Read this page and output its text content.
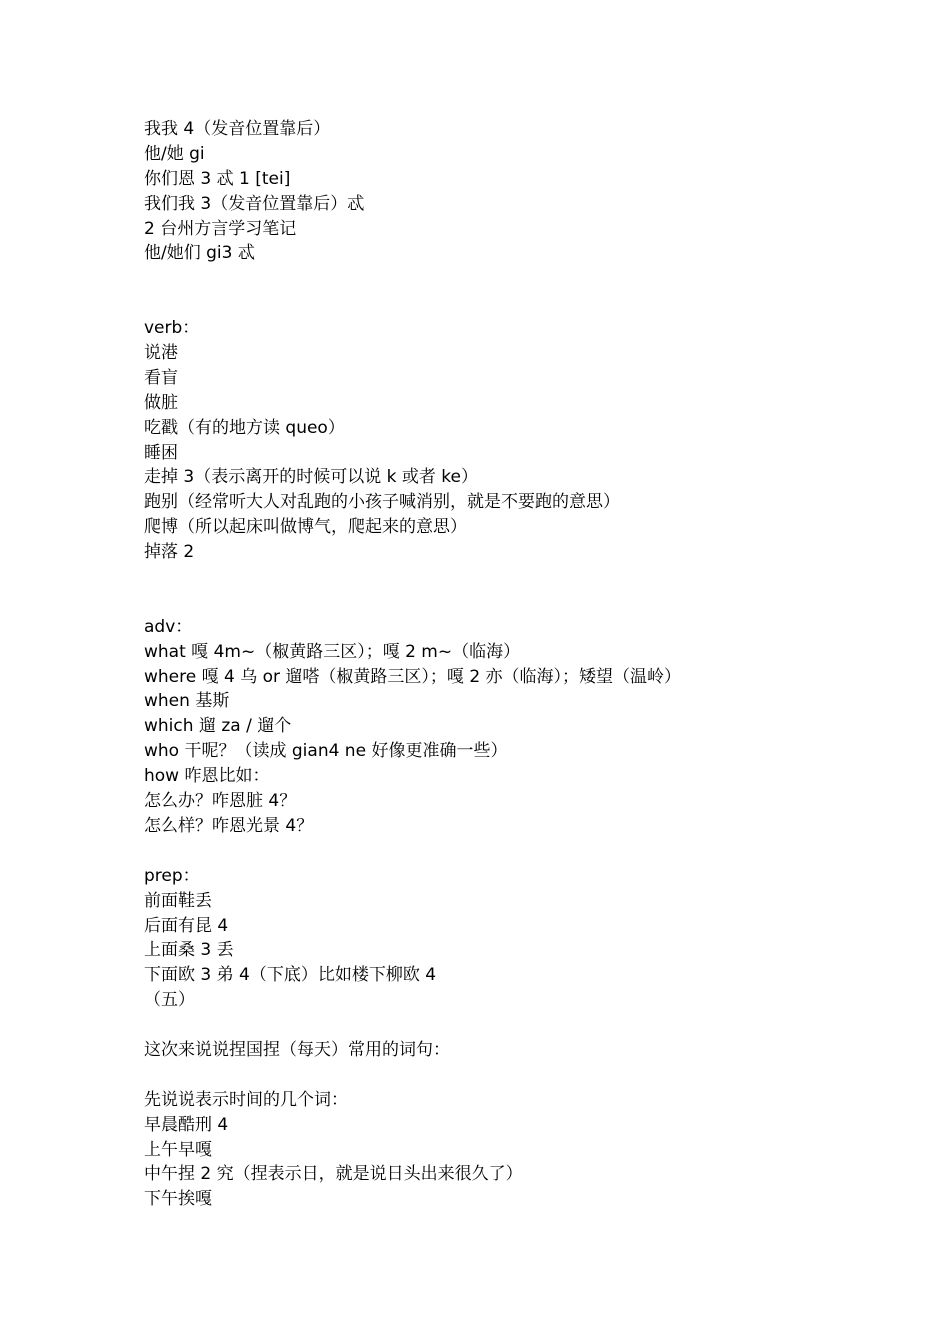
我我 4（发音位置靠后）
他/她 gi
你们恩 3 忒 1 [tei]
我们我 3（发音位置靠后）忒
2 台州方言学习笔记
他/她们 gi3 忒
verb：
说港
看盲
做脏
吃戳（有的地方读 queo）
睡困
走掉 3（表示离开的时候可以说 k 或者 ke）
跑别（经常听大人对乱跑的小孩子喊消别，就是不要跑的意思）
爬博（所以起床叫做博气，爬起来的意思）
掉落 2
adv：
what 嘎 4m~（椒黄路三区）；嘎 2 m~（临海）
where 嘎 4 乌 or 遛嗒（椒黄路三区）；嘎 2 亦（临海）；矮望（温岭）
when 基斯
which 遛 za / 遛个
who 干呢？（读成 gian4 ne 好像更准确一些）
how 咋恩比如：
怎么办？咋恩脏 4？
怎么样？咋恩光景 4？
prep：
前面鞋丢
后面有昆 4
上面桑 3 丢
下面欧 3 弟 4（下底）比如楼下柳欧 4
（五）
这次来说说捏国捏（每天）常用的词句：
先说说表示时间的几个词：
早晨酷刑 4
上午早嘎
中午捏 2 究（捏表示日，就是说日头出来很久了）
下午挨嘎
